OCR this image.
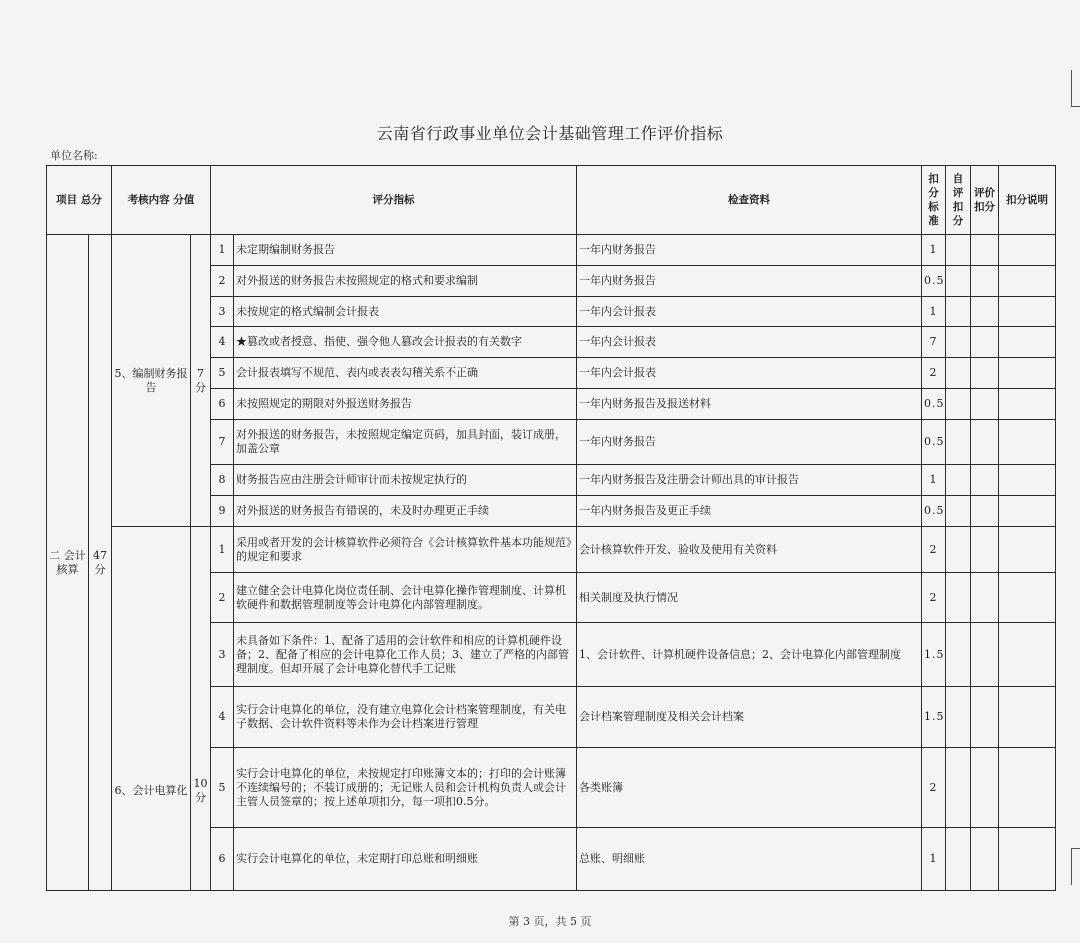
云南省行政事业单位会计基础管理工作评价指标
单位名称:
项目 总分		考核内容 分值		评分指标		检查资料	扣分标准	自评扣分	评价扣分	扣分说明
二 会计核算	47分	5、编制财务报告	7分	1	未定期编制财务报告	一年内财务报告	1			
				2	对外报送的财务报告未按照规定的格式和要求编制	一年内财务报告	0.5			
				3	未按规定的格式编制会计报表	一年内会计报表	1			
				4	★篡改或者授意、指使、强令他人篡改会计报表的有关数字	一年内会计报表	7			
				5	会计报表填写不规范、表内或表表勾稽关系不正确	一年内会计报表	2			
				6	未按照规定的期限对外报送财务报告	一年内财务报告及报送材料	0.5			
				7	对外报送的财务报告，未按照规定编定页码，加具封面，装订成册，加盖公章	一年内财务报告	0.5			
				8	财务报告应由注册会计师审计而未按规定执行的	一年内财务报告及注册会计师出具的审计报告	1			
				9	对外报送的财务报告有错误的，未及时办理更正手续	一年内财务报告及更正手续	0.5			
		6、会计电算化	10分	1	采用或者开发的会计核算软件必须符合《会计核算软件基本功能规范》的规定和要求	会计核算软件开发、验收及使用有关资料	2			
				2	建立健全会计电算化岗位责任制、会计电算化操作管理制度、计算机软硬件和数据管理制度等会计电算化内部管理制度。	相关制度及执行情况	2			
				3	未具备如下条件：1、配备了适用的会计软件和相应的计算机硬件设备；2、配备了相应的会计电算化工作人员；3、建立了严格的内部管理制度。但却开展了会计电算化替代手工记账	1、会计软件、计算机硬件设备信息；2、会计电算化内部管理制度	1.5			
				4	实行会计电算化的单位，没有建立电算化会计档案管理制度，有关电子数据、会计软件资料等未作为会计档案进行管理	会计档案管理制度及相关会计档案	1.5			
				5	实行会计电算化的单位，未按规定打印账簿文本的；打印的会计账簿不连续编号的；不装订成册的；无记账人员和会计机构负责人或会计主管人员签章的；按上述单项扣分，每一项扣0.5分。	各类账簿	2			
				6	实行会计电算化的单位，未定期打印总账和明细账	总账、明细账	1			
第 3 页，共 5 页
